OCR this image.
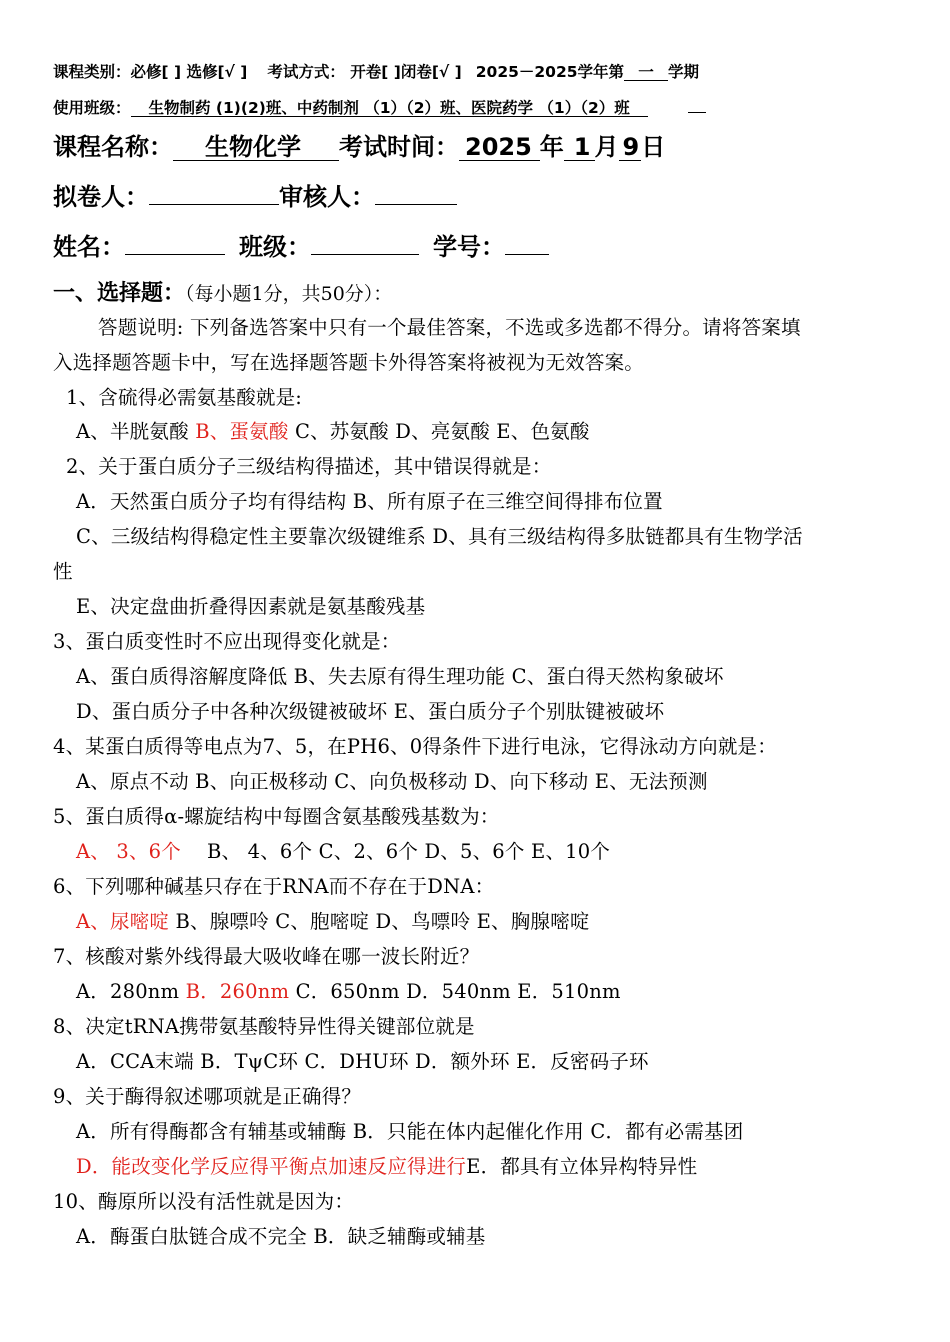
课程类别：必修[ ] 选修[√ ] 考试方式： 开卷[ ]闭卷[√ ] 2025－2025学年第 一 学期
使用班级： 生物制药 (1)(2)班、中药制剂 （1）（2）班、医院药学 （1）（2）班
课程名称： 生物化学 考试时间： 2025 年 1 月 9日
拟卷人：	审核人：
姓名：	班级：	学号：
一、选择题：（每小题1分，共50分）：
答题说明: 下列备选答案中只有一个最佳答案，不选或多选都不得分。请将答案填
入选择题答题卡中，写在选择题答题卡外得答案将被视为无效答案。
1、含硫得必需氨基酸就是:
A、半胱氨酸 B、蛋氨酸 C、苏氨酸 D、亮氨酸 E、色氨酸
2、关于蛋白质分子三级结构得描述，其中错误得就是：
A．天然蛋白质分子均有得结构 B、所有原子在三维空间得排布位置
C、三级结构得稳定性主要靠次级键维系 D、具有三级结构得多肽链都具有生物学活
性
E、决定盘曲折叠得因素就是氨基酸残基
3、蛋白质变性时不应出现得变化就是：
A、蛋白质得溶解度降低 B、失去原有得生理功能 C、蛋白得天然构象破坏
D、蛋白质分子中各种次级键被破坏 E、蛋白质分子个别肽键被破坏
4、某蛋白质得等电点为7、5，在PH6、0得条件下进行电泳，它得泳动方向就是：
A、原点不动 B、向正极移动 C、向负极移动 D、向下移动 E、无法预测
5、蛋白质得α-螺旋结构中每圈含氨基酸残基数为：
A、 3、6个 B、 4、6个 C、2、6个 D、5、6个 E、10个
6、下列哪种碱基只存在于RNA而不存在于DNA：
A、尿嘧啶 B、腺嘌呤 C、胞嘧啶 D、鸟嘌呤 E、胸腺嘧啶
7、核酸对紫外线得最大吸收峰在哪一波长附近？
A．280nm B．260nm C．650nm D．540nm E．510nm
8、决定tRNA携带氨基酸特异性得关键部位就是
A．CCA末端 B．TψC环 C．DHU环 D．额外环 E．反密码子环
9、关于酶得叙述哪项就是正确得？
A．所有得酶都含有辅基或辅酶 B．只能在体内起催化作用 C．都有必需基团
D．能改变化学反应得平衡点加速反应得进行E．都具有立体异构特异性
10、酶原所以没有活性就是因为：
A．酶蛋白肽链合成不完全 B．缺乏辅酶或辅基
